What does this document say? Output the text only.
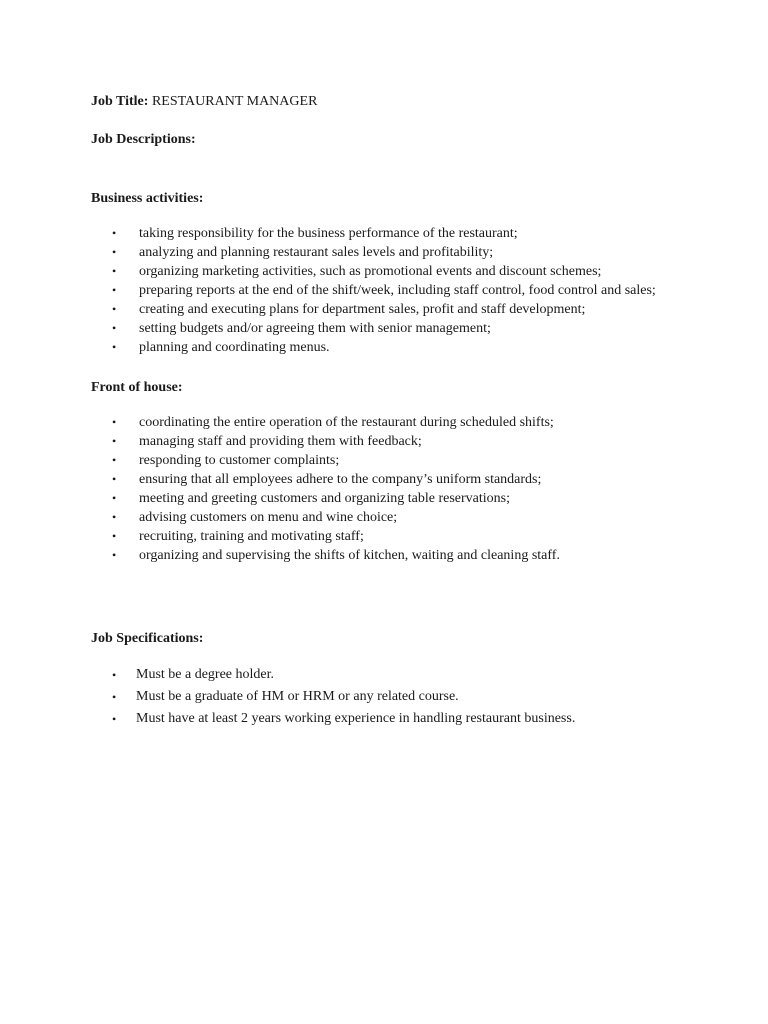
Job Title: RESTAURANT MANAGER
Job Descriptions:
Business activities:
• taking responsibility for the business performance of the restaurant;
• analyzing and planning restaurant sales levels and profitability;
• organizing marketing activities, such as promotional events and discount schemes;
• preparing reports at the end of the shift/week, including staff control, food control and sales;
• creating and executing plans for department sales, profit and staff development;
• setting budgets and/or agreeing them with senior management;
• planning and coordinating menus.
Front of house:
• coordinating the entire operation of the restaurant during scheduled shifts;
• managing staff and providing them with feedback;
• responding to customer complaints;
• ensuring that all employees adhere to the company’s uniform standards;
• meeting and greeting customers and organizing table reservations;
• advising customers on menu and wine choice;
• recruiting, training and motivating staff;
• organizing and supervising the shifts of kitchen, waiting and cleaning staff.
Job Specifications:
• Must be a degree holder.
• Must be a graduate of HM or HRM or any related course.
• Must have at least 2 years working experience in handling restaurant business.
